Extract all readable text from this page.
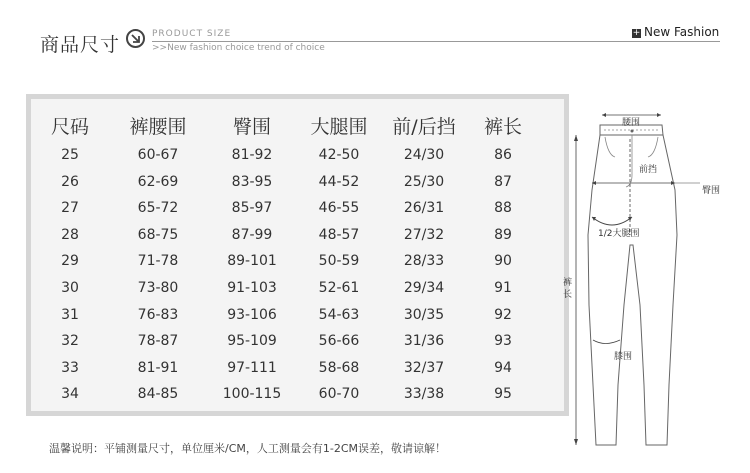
商品尺寸	PRODUCT SIZE
>>New fashion choice trend of choice
+ New Fashion
尺码 裤腰围 臀围 大腿围 前/后挡 裤长
25	60-67	81-92	42-50	24/30	86
26	62-69	83-95	44-52	25/30	87
27	65-72	85-97	46-55	26/31	88
28	68-75	87-99	48-57	27/32	89
29	71-78	89-101	50-59	28/33	90
30	73-80	91-103	52-61	29/34	91
31	76-83	93-106	54-63	30/35	92
32	78-87	95-109	56-66	31/36	93
33	81-91	97-111	58-68	32/37	94
34	84-85	100-115	60-70	33/38	95
腰围
前挡
臀围
1/2大腿围
裤长
膝围
温馨说明：平铺测量尺寸，单位厘米/CM，人工测量会有1-2CM误差，敬请谅解！
